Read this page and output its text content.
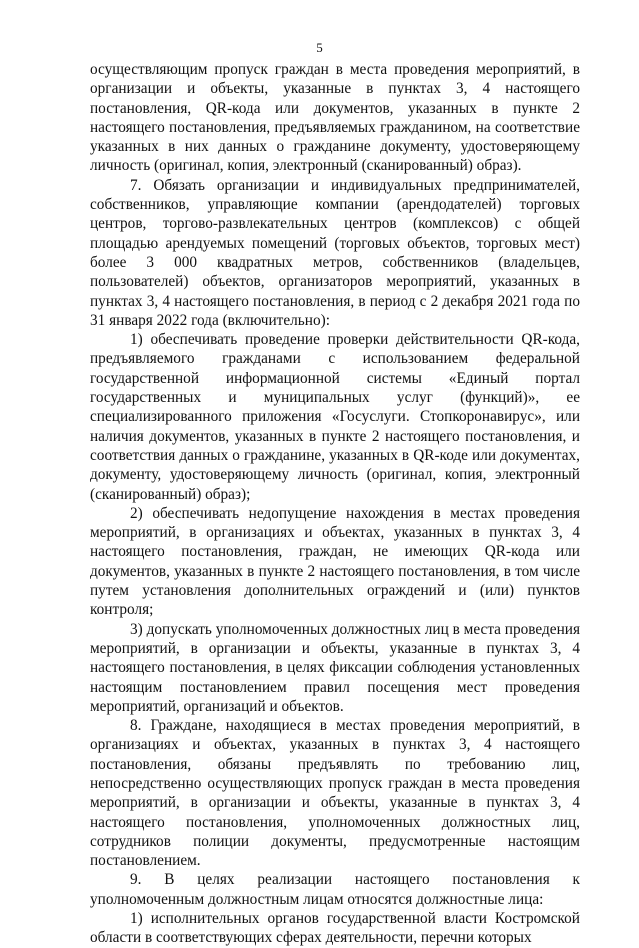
5

осуществляющим пропуск граждан в места проведения мероприятий, в организации и объекты, указанные в пунктах 3, 4 настоящего постановления, QR-кода или документов, указанных в пункте 2 настоящего постановления, предъявляемых гражданином, на соответствие указанных в них данных о гражданине документу, удостоверяющему личность (оригинал, копия, электронный (сканированный) образ).

7. Обязать организации и индивидуальных предпринимателей, собственников, управляющие компании (арендодателей) торговых центров, торгово-развлекательных центров (комплексов) с общей площадью арендуемых помещений (торговых объектов, торговых мест) более 3 000 квадратных метров, собственников (владельцев, пользователей) объектов, организаторов мероприятий, указанных в пунктах 3, 4 настоящего постановления, в период с 2 декабря 2021 года по 31 января 2022 года (включительно):

1) обеспечивать проведение проверки действительности QR-кода, предъявляемого гражданами с использованием федеральной государственной информационной системы «Единый портал государственных и муниципальных услуг (функций)», ее специализированного приложения «Госуслуги. Стопкоронавирус», или наличия документов, указанных в пункте 2 настоящего постановления, и соответствия данных о гражданине, указанных в QR-коде или документах, документу, удостоверяющему личность (оригинал, копия, электронный (сканированный) образ);

2) обеспечивать недопущение нахождения в местах проведения мероприятий, в организациях и объектах, указанных в пунктах 3, 4 настоящего постановления, граждан, не имеющих QR-кода или документов, указанных в пункте 2 настоящего постановления, в том числе путем установления дополнительных ограждений и (или) пунктов контроля;

3) допускать уполномоченных должностных лиц в места проведения мероприятий, в организации и объекты, указанные в пунктах 3, 4 настоящего постановления, в целях фиксации соблюдения установленных настоящим постановлением правил посещения мест проведения мероприятий, организаций и объектов.

8. Граждане, находящиеся в местах проведения мероприятий, в организациях и объектах, указанных в пунктах 3, 4 настоящего постановления, обязаны предъявлять по требованию лиц, непосредственно осуществляющих пропуск граждан в места проведения мероприятий, в организации и объекты, указанные в пунктах 3, 4 настоящего постановления, уполномоченных должностных лиц, сотрудников полиции документы, предусмотренные настоящим постановлением.

9. В целях реализации настоящего постановления к уполномоченным должностным лицам относятся должностные лица:

1) исполнительных органов государственной власти Костромской области в соответствующих сферах деятельности, перечни которых
